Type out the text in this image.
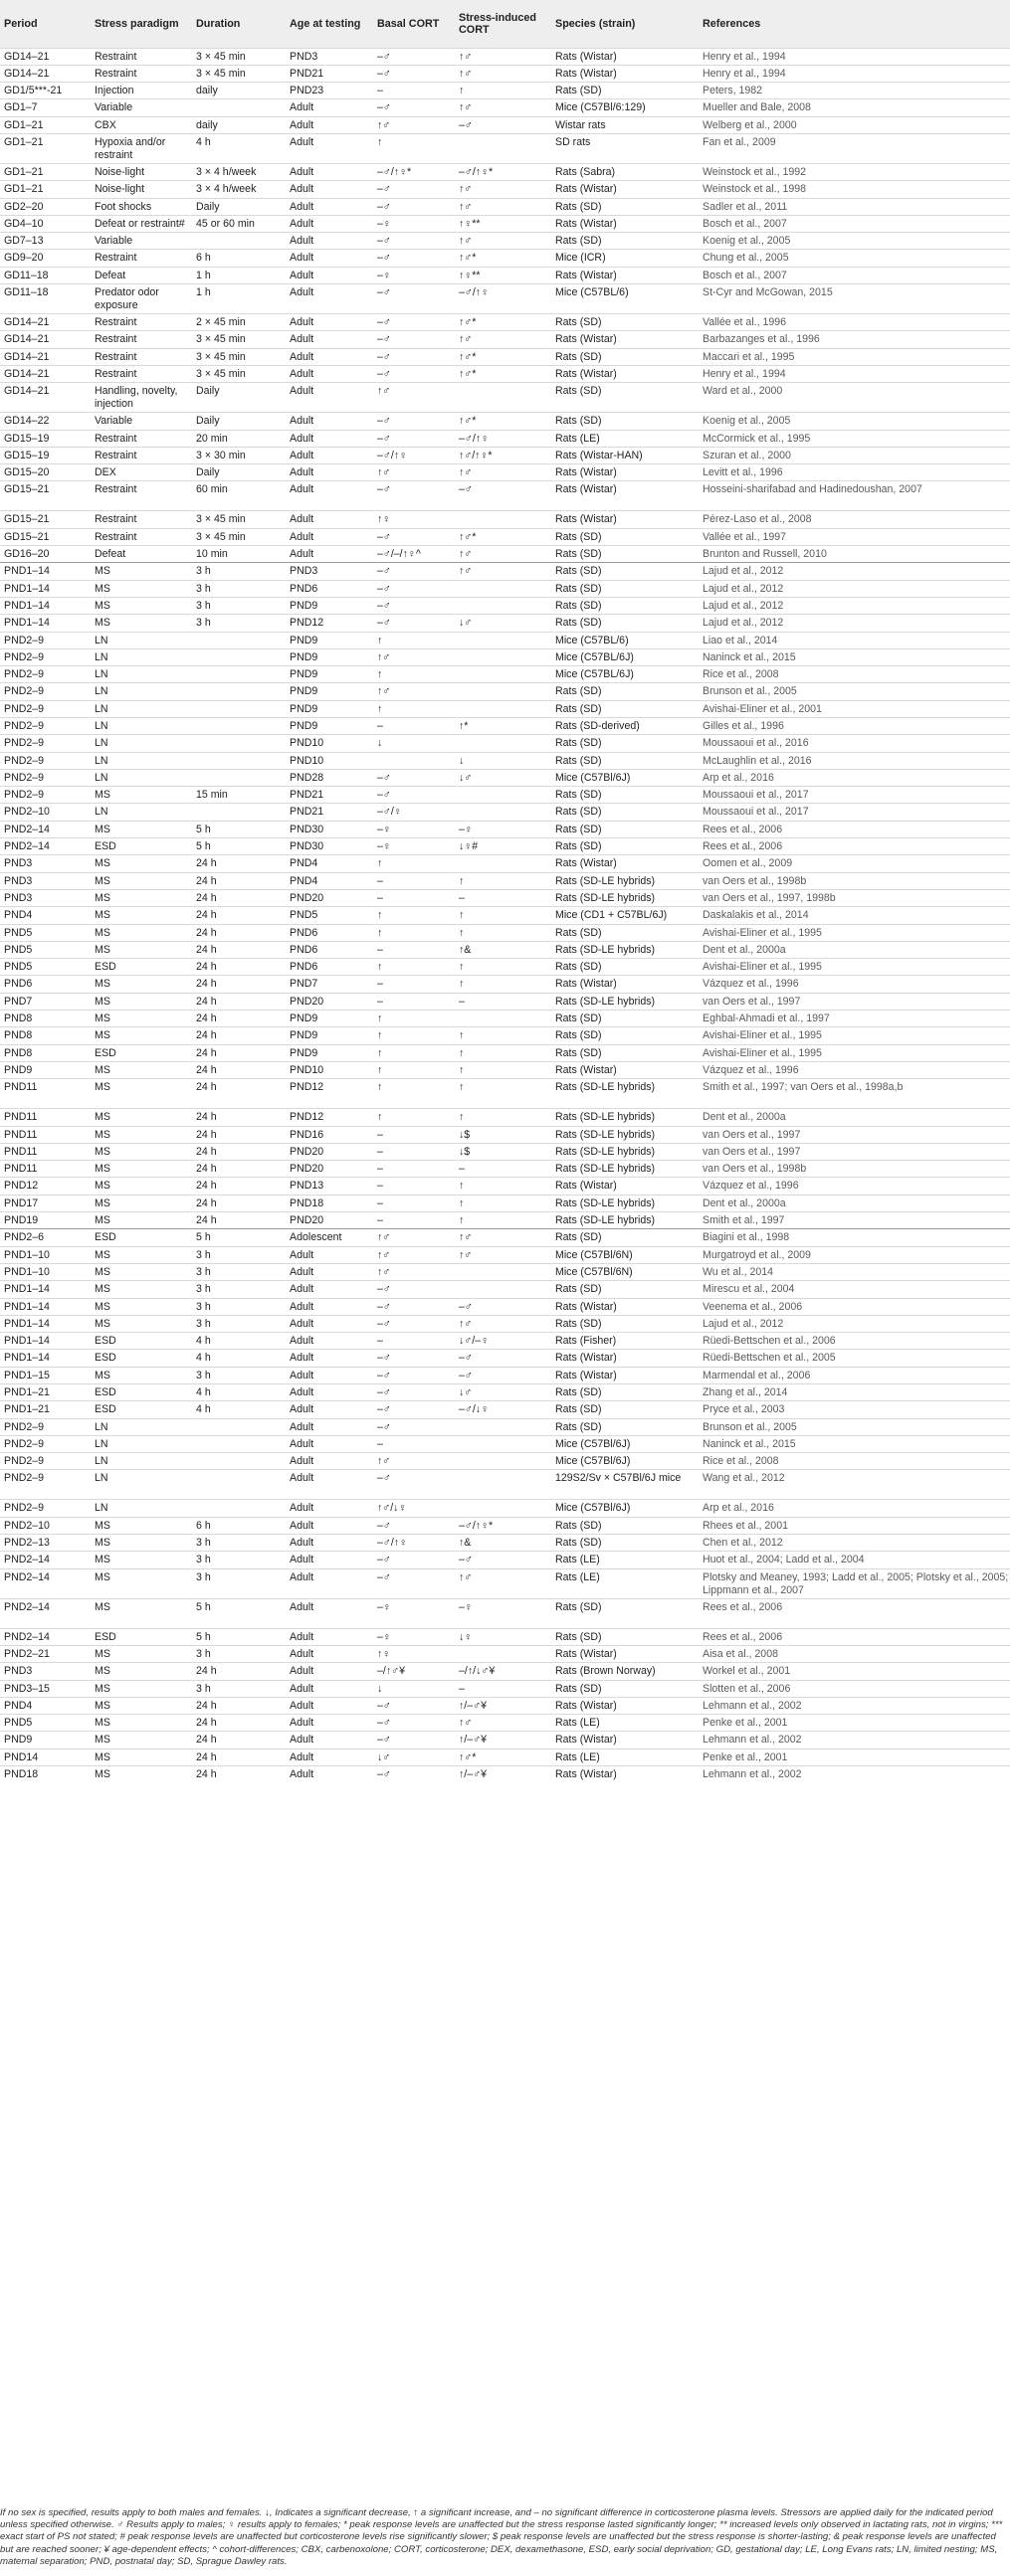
Period	Stress paradigm	Duration	Age at testing	Basal CORT	Stress-induced CORT	Species (strain)	References
GD14–21	Restraint	3 × 45 min	PND3	–♂	↑♂	Rats (Wistar)	Henry et al., 1994
GD14–21	Restraint	3 × 45 min	PND21	–♂	↑♂	Rats (Wistar)	Henry et al., 1994
GD1/5***-21	Injection	daily	PND23	–	↑	Rats (SD)	Peters, 1982
GD1–7	Variable		Adult	–♂	↑♂	Mice (C57Bl/6:129)	Mueller and Bale, 2008
GD1–21	CBX	daily	Adult	↑♂	–♂	Wistar rats	Welberg et al., 2000
GD1–21	Hypoxia and/or restraint	4 h	Adult	↑		SD rats	Fan et al., 2009
GD1–21	Noise-light	3 × 4 h/week	Adult	–♂/↑♀*	–♂/↑♀*	Rats (Sabra)	Weinstock et al., 1992
GD1–21	Noise-light	3 × 4 h/week	Adult	–♂	↑♂	Rats (Wistar)	Weinstock et al., 1998
GD2–20	Foot shocks	Daily	Adult	–♂	↑♂	Rats (SD)	Sadler et al., 2011
GD4–10	Defeat or restraint#	45 or 60 min	Adult	–♀	↑♀**	Rats (Wistar)	Bosch et al., 2007
GD7–13	Variable		Adult	–♂	↑♂	Rats (SD)	Koenig et al., 2005
GD9–20	Restraint	6 h	Adult	–♂	↑♂*	Mice (ICR)	Chung et al., 2005
GD11–18	Defeat	1 h	Adult	–♀	↑♀**	Rats (Wistar)	Bosch et al., 2007
GD11–18	Predator odor exposure	1 h	Adult	–♂	–♂/↑♀	Mice (C57BL/6)	St-Cyr and McGowan, 2015
GD14–21	Restraint	2 × 45 min	Adult	–♂	↑♂*	Rats (SD)	Vallée et al., 1996
GD14–21	Restraint	3 × 45 min	Adult	–♂	↑♂	Rats (Wistar)	Barbazanges et al., 1996
GD14–21	Restraint	3 × 45 min	Adult	–♂	↑♂*	Rats (SD)	Maccari et al., 1995
GD14–21	Restraint	3 × 45 min	Adult	–♂	↑♂*	Rats (Wistar)	Henry et al., 1994
GD14–21	Handling, novelty, injection	Daily	Adult	↑♂		Rats (SD)	Ward et al., 2000
GD14–22	Variable	Daily	Adult	–♂	↑♂*	Rats (SD)	Koenig et al., 2005
GD15–19	Restraint	20 min	Adult	–♂	–♂/↑♀	Rats (LE)	McCormick et al., 1995
GD15–19	Restraint	3 × 30 min	Adult	–♂/↑♀	↑♂/↑♀*	Rats (Wistar-HAN)	Szuran et al., 2000
GD15–20	DEX	Daily	Adult	↑♂	↑♂	Rats (Wistar)	Levitt et al., 1996
GD15–21	Restraint	60 min	Adult	–♂	–♂	Rats (Wistar)	Hosseini-sharifabad and Hadinedoushan, 2007
GD15–21	Restraint	3 × 45 min	Adult	↑♀		Rats (Wistar)	Pérez-Laso et al., 2008
GD15–21	Restraint	3 × 45 min	Adult	–♂	↑♂*	Rats (SD)	Vallée et al., 1997
GD16–20	Defeat	10 min	Adult	–♂/–/↑♀^	↑♂	Rats (SD)	Brunton and Russell, 2010
PND1–14	MS	3 h	PND3	–♂	↑♂	Rats (SD)	Lajud et al., 2012
PND1–14	MS	3 h	PND6	–♂		Rats (SD)	Lajud et al., 2012
PND1–14	MS	3 h	PND9	–♂		Rats (SD)	Lajud et al., 2012
PND1–14	MS	3 h	PND12	–♂	↓♂	Rats (SD)	Lajud et al., 2012
PND2–9	LN		PND9	↑		Mice (C57BL/6)	Liao et al., 2014
PND2–9	LN		PND9	↑♂		Mice (C57BL/6J)	Naninck et al., 2015
PND2–9	LN		PND9	↑		Mice (C57BL/6J)	Rice et al., 2008
PND2–9	LN		PND9	↑♂		Rats (SD)	Brunson et al., 2005
PND2–9	LN		PND9	↑		Rats (SD)	Avishai-Eliner et al., 2001
PND2–9	LN		PND9	–	↑*	Rats (SD-derived)	Gilles et al., 1996
PND2–9	LN		PND10	↓		Rats (SD)	Moussaoui et al., 2016
PND2–9	LN		PND10		↓	Rats (SD)	McLaughlin et al., 2016
PND2–9	LN		PND28	–♂	↓♂	Mice (C57Bl/6J)	Arp et al., 2016
PND2–9	MS	15 min	PND21	–♂		Rats (SD)	Moussaoui et al., 2017
PND2–10	LN		PND21	–♂/♀		Rats (SD)	Moussaoui et al., 2017
PND2–14	MS	5 h	PND30	–♀	–♀	Rats (SD)	Rees et al., 2006
PND2–14	ESD	5 h	PND30	–♀	↓♀#	Rats (SD)	Rees et al., 2006
PND3	MS	24 h	PND4	↑		Rats (Wistar)	Oomen et al., 2009
PND3	MS	24 h	PND4	–	↑	Rats (SD-LE hybrids)	van Oers et al., 1998b
PND3	MS	24 h	PND20	–	–	Rats (SD-LE hybrids)	van Oers et al., 1997, 1998b
PND4	MS	24 h	PND5	↑	↑	Mice (CD1 + C57BL/6J)	Daskalakis et al., 2014
PND5	MS	24 h	PND6	↑	↑	Rats (SD)	Avishai-Eliner et al., 1995
PND5	MS	24 h	PND6	–	↑&	Rats (SD-LE hybrids)	Dent et al., 2000a
PND5	ESD	24 h	PND6	↑	↑	Rats (SD)	Avishai-Eliner et al., 1995
PND6	MS	24 h	PND7	–	↑	Rats (Wistar)	Vázquez et al., 1996
PND7	MS	24 h	PND20	–	–	Rats (SD-LE hybrids)	van Oers et al., 1997
PND8	MS	24 h	PND9	↑		Rats (SD)	Eghbal-Ahmadi et al., 1997
PND8	MS	24 h	PND9	↑	↑	Rats (SD)	Avishai-Eliner et al., 1995
PND8	ESD	24 h	PND9	↑	↑	Rats (SD)	Avishai-Eliner et al., 1995
PND9	MS	24 h	PND10	↑	↑	Rats (Wistar)	Vázquez et al., 1996
PND11	MS	24 h	PND12	↑	↑	Rats (SD-LE hybrids)	Smith et al., 1997; van Oers et al., 1998a,b
PND11	MS	24 h	PND12	↑	↑	Rats (SD-LE hybrids)	Dent et al., 2000a
PND11	MS	24 h	PND16	–	↓$	Rats (SD-LE hybrids)	van Oers et al., 1997
PND11	MS	24 h	PND20	–	↓$	Rats (SD-LE hybrids)	van Oers et al., 1997
PND11	MS	24 h	PND20	–	–	Rats (SD-LE hybrids)	van Oers et al., 1998b
PND12	MS	24 h	PND13	–	↑	Rats (Wistar)	Vázquez et al., 1996
PND17	MS	24 h	PND18	–	↑	Rats (SD-LE hybrids)	Dent et al., 2000a
PND19	MS	24 h	PND20	–	↑	Rats (SD-LE hybrids)	Smith et al., 1997
PND2–6	ESD	5 h	Adolescent	↑♂	↑♂	Rats (SD)	Biagini et al., 1998
PND1–10	MS	3 h	Adult	↑♂	↑♂	Mice (C57Bl/6N)	Murgatroyd et al., 2009
PND1–10	MS	3 h	Adult	↑♂		Mice (C57Bl/6N)	Wu et al., 2014
PND1–14	MS	3 h	Adult	–♂		Rats (SD)	Mirescu et al., 2004
PND1–14	MS	3 h	Adult	–♂	–♂	Rats (Wistar)	Veenema et al., 2006
PND1–14	MS	3 h	Adult	–♂	↑♂	Rats (SD)	Lajud et al., 2012
PND1–14	ESD	4 h	Adult	–	↓♂/–♀	Rats (Fisher)	Rüedi-Bettschen et al., 2006
PND1–14	ESD	4 h	Adult	–♂	–♂	Rats (Wistar)	Rüedi-Bettschen et al., 2005
PND1–15	MS	3 h	Adult	–♂	–♂	Rats (Wistar)	Marmendal et al., 2006
PND1–21	ESD	4 h	Adult	–♂	↓♂	Rats (SD)	Zhang et al., 2014
PND1–21	ESD	4 h	Adult	–♂	–♂/↓♀	Rats (SD)	Pryce et al., 2003
PND2–9	LN		Adult	–♂		Rats (SD)	Brunson et al., 2005
PND2–9	LN		Adult	–		Mice (C57Bl/6J)	Naninck et al., 2015
PND2–9	LN		Adult	↑♂		Mice (C57Bl/6J)	Rice et al., 2008
PND2–9	LN		Adult	–♂		129S2/Sv × C57Bl/6J mice	Wang et al., 2012
PND2–9	LN		Adult	↑♂/↓♀		Mice (C57Bl/6J)	Arp et al., 2016
PND2–10	MS	6 h	Adult	–♂	–♂/↑♀*	Rats (SD)	Rhees et al., 2001
PND2–13	MS	3 h	Adult	–♂/↑♀	↑&	Rats (SD)	Chen et al., 2012
PND2–14	MS	3 h	Adult	–♂	–♂	Rats (LE)	Huot et al., 2004; Ladd et al., 2004
PND2–14	MS	3 h	Adult	–♂	↑♂	Rats (LE)	Plotsky and Meaney, 1993; Ladd et al., 2005; Plotsky et al., 2005; Lippmann et al., 2007
PND2–14	MS	5 h	Adult	–♀	–♀	Rats (SD)	Rees et al., 2006
PND2–14	ESD	5 h	Adult	–♀	↓♀	Rats (SD)	Rees et al., 2006
PND2–21	MS	3 h	Adult	↑♀		Rats (Wistar)	Aisa et al., 2008
PND3	MS	24 h	Adult	–/↑♂¥	–/↑/↓♂¥	Rats (Brown Norway)	Workel et al., 2001
PND3–15	MS	3 h	Adult	↓	–	Rats (SD)	Slotten et al., 2006
PND4	MS	24 h	Adult	–♂	↑/–♂¥	Rats (Wistar)	Lehmann et al., 2002
PND5	MS	24 h	Adult	–♂	↑♂	Rats (LE)	Penke et al., 2001
PND9	MS	24 h	Adult	–♂	↑/–♂¥	Rats (Wistar)	Lehmann et al., 2002
PND14	MS	24 h	Adult	↓♂	↑♂*	Rats (LE)	Penke et al., 2001
PND18	MS	24 h	Adult	–♂	↑/–♂¥	Rats (Wistar)	Lehmann et al., 2002
If no sex is specified, results apply to both males and females. ↓, Indicates a significant decrease, ↑ a significant increase, and – no significant difference in corticosterone plasma levels. Stressors are applied daily for the indicated period unless specified otherwise. ♂ Results apply to males; ♀ results apply to females; * peak response levels are unaffected but the stress response lasted significantly longer; ** increased levels only observed in lactating rats, not in virgins; *** exact start of PS not stated; # peak response levels are unaffected but corticosterone levels rise significantly slower; $ peak response levels are unaffected but the stress response is shorter-lasting; & peak response levels are unaffected but are reached sooner; ¥ age-dependent effects; ^ cohort-differences; CBX, carbenoxolone; CORT, corticosterone; DEX, dexamethasone, ESD, early social deprivation; GD, gestational day; LE, Long Evans rats; LN, limited nesting; MS, maternal separation; PND, postnatal day; SD, Sprague Dawley rats.
